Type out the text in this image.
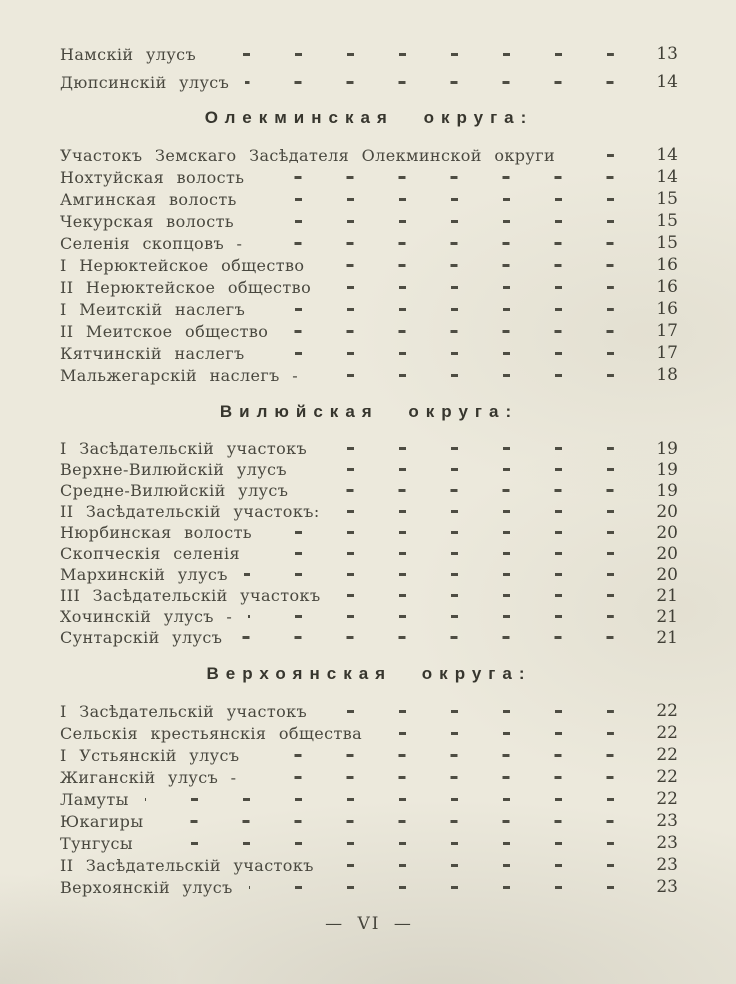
Намскій улусъ	13
Дюпсинскій улусъ	14
Олекминская округа:
Участокъ Земскаго Засѣдателя Олекминской округи	14
Нохтуйская волость	14
Амгинская волость	15
Чекурская волость	15
Селенія скопцовъ -	15
I Нерюктейское общество	16
II Нерюктейское общество	16
I Меитскій наслегъ	16
II Меитское общество	17
Кятчинскій наслегъ	17
Мальжегарскій наслегъ -	18
Вилюйская округа:
I Засѣдательскій участокъ	19
Верхне-Вилюйскій улусъ	19
Средне-Вилюйскій улусъ	19
II Засѣдательскій участокъ:	20
Нюрбинская волость	20
Скопческія селенія	20
Мархинскій улусъ	20
III Засѣдательскій участокъ	21
Хочинскій улусъ -	21
Сунтарскій улусъ	21
Верхоянская округа:
I Засѣдательскій участокъ	22
Сельскія крестьянскія общества	22
I Устьянскій улусъ	22
Жиганскій улусъ -	22
Ламуты	22
Юкагиры	23
Тунгусы	23
II Засѣдательскій участокъ	23
Верхоянскій улусъ	23
— VI —
